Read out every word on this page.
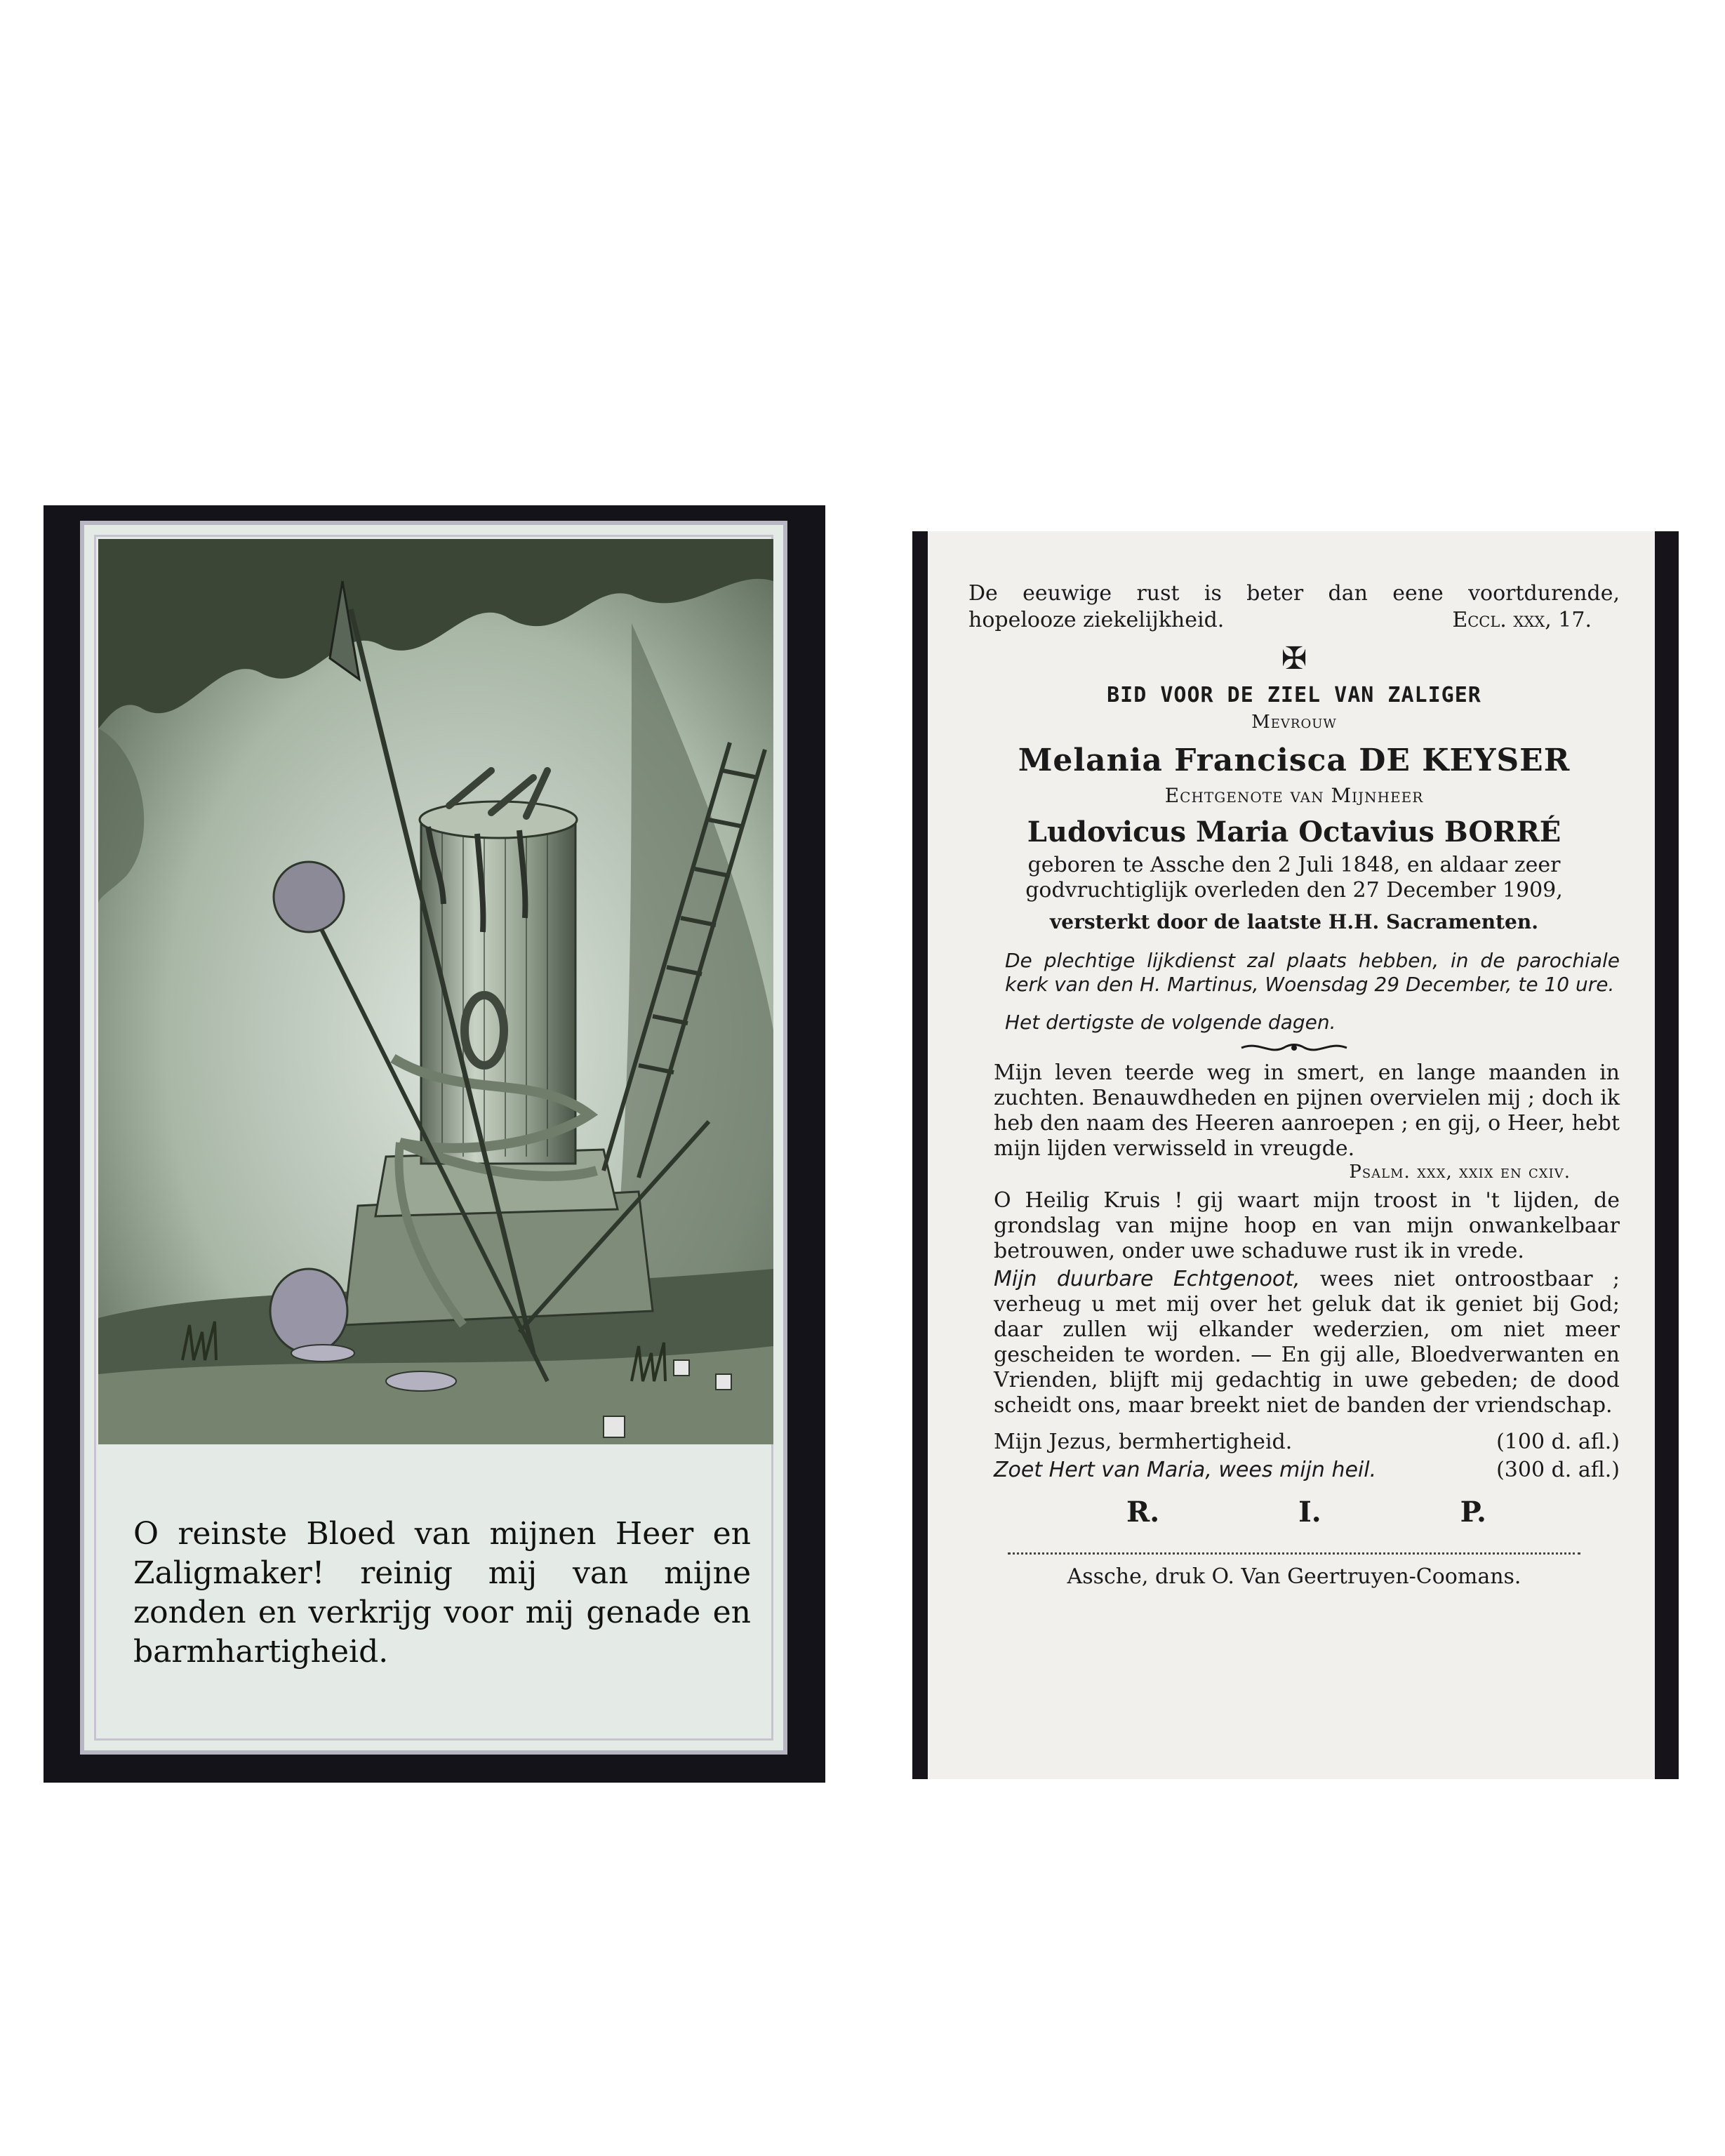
O reinste Bloed van mijnen Heer en Zaligmaker! reinig mij van mijne zonden en verkrijg voor mij genade en barmhartigheid.
De eeuwige rust is beter dan eene voortdurende,
hopelooze ziekelijkheid.	Eccl. xxx, 17.
✠
BID VOOR DE ZIEL VAN ZALIGER
Mevrouw
Melania Francisca DE KEYSER
Echtgenote van Mijnheer
Ludovicus Maria Octavius BORRÉ
geboren te Assche den 2 Juli 1848, en aldaar zeer godvruchtiglijk overleden den 27 December 1909,
versterkt door de laatste H.H. Sacramenten.
De plechtige lijkdienst zal plaats hebben, in de parochiale kerk van den H. Martinus, Woensdag 29 December, te 10 ure.
Het dertigste de volgende dagen.
Mijn leven teerde weg in smert, en lange maanden in zuchten. Benauwdheden en pijnen overvielen mij ; doch ik heb den naam des Heeren aanroepen ; en gij, o Heer, hebt mijn lijden verwisseld in vreugde.
Psalm. xxx, xxix en cxiv.
O Heilig Kruis ! gij waart mijn troost in 't lijden, de grondslag van mijne hoop en van mijn onwankelbaar betrouwen, onder uwe schaduwe rust ik in vrede.
Mijn duurbare Echtgenoot, wees niet ontroostbaar ; verheug u met mij over het geluk dat ik geniet bij God; daar zullen wij elkander wederzien, om niet meer gescheiden te worden. — En gij alle, Bloedverwanten en Vrienden, blijft mij gedachtig in uwe gebeden; de dood scheidt ons, maar breekt niet de banden der vriendschap.
Mijn Jezus, bermhertigheid.	(100 d. afl.)
Zoet Hert van Maria, wees mijn heil.	(300 d. afl.)
R.	I.	P.
Assche, druk O. Van Geertruyen-Coomans.
